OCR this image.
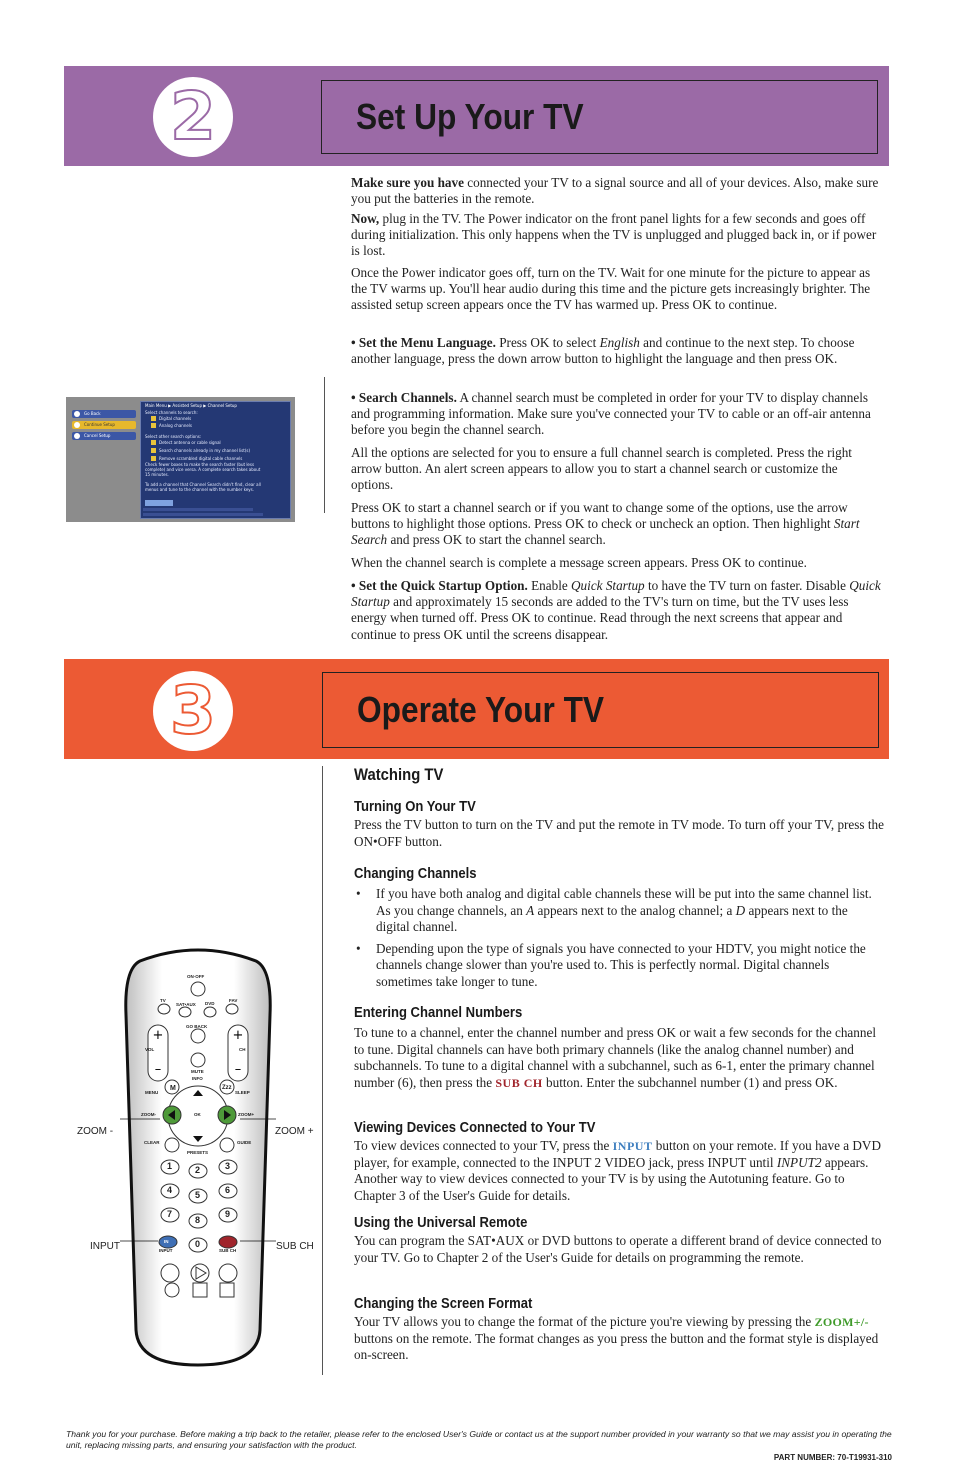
2	Set Up Your TV

Make sure you have connected your TV to a signal source and all of your devices. Also, make sure you put the batteries in the remote.

Now, plug in the TV. The Power indicator on the front panel lights for a few seconds and goes off during initialization. This only happens when the TV is unplugged and plugged back in, or if power is lost.

Once the Power indicator goes off, turn on the TV. Wait for one minute for the picture to appear as the TV warms up. You'll hear audio during this time and the picture gets increasingly brighter. The assisted setup screen appears once the TV has warmed up. Press OK to continue.

• Set the Menu Language. Press OK to select English and continue to the next step. To choose another language, press the down arrow button to highlight the language and then press OK.

• Search Channels. A channel search must be completed in order for your TV to display channels and programming information. Make sure you've connected your TV to cable or an off-air antenna before you begin the channel search.

All the options are selected for you to ensure a full channel search is completed. Press the right arrow button. An alert screen appears to allow you to start a channel search or customize the options.

Press OK to start a channel search or if you want to change some of the options, use the arrow buttons to highlight those options. Press OK to check or uncheck an option. Then highlight Start Search and press OK to start the channel search.

When the channel search is complete a message screen appears. Press OK to continue.

• Set the Quick Startup Option. Enable Quick Startup to have the TV turn on faster. Disable Quick Startup and approximately 15 seconds are added to the TV's turn on time, but the TV uses less energy when turned off. Press OK to continue. Read through the next screens that appear and continue to press OK until the screens disappear.

Go Back
Continue Setup
Cancel Setup
Main Menu ▶ Assisted Setup ▶ Channel Setup
Select channels to search:
Digital channels
Analog channels
Select other search options:
Detect antenna or cable signal
Search channels already in my channel list(s)
Remove scrambled digital cable channels
Check fewer boxes to make the search faster (but less
complete) and vice versa. A complete search takes about
15 minutes.
To add a channel that Channel Search didn't find, clear all
menus and tune to the channel with the number keys.
3	Operate Your TV
Watching TV
Turning On Your TV

Press the TV button to turn on the TV and put the remote in TV mode. To turn off your TV, press the ON•OFF button.

Changing Channels
• If you have both analog and digital cable channels these will be put into the same channel list. As you change channels, an A appears next to the analog channel; a D appears next to the digital channel.
• Depending upon the type of signals you have connected to your HDTV, you might notice the channels change slower than you're used to. This is perfectly normal. Digital channels sometimes take longer to tune.
Entering Channel Numbers

To tune to a channel, enter the channel number and press OK or wait a few seconds for the channel to tune. Digital channels can have both primary channels (like the analog channel number) and subchannels. To tune to a digital channel with a subchannel, such as 6-1, enter the primary channel number (6), then press the SUB CH button. Enter the subchannel number (1) and press OK.

Viewing Devices Connected to Your TV

To view devices connected to your TV, press the INPUT button on your remote. If you have a DVD player, for example, connected to the INPUT 2 VIDEO jack, press INPUT until INPUT2 appears. Another way to view devices connected to your TV is by using the Autotuning feature. Go to Chapter 3 of the User's Guide for details.

Using the Universal Remote

You can program the SAT•AUX or DVD buttons to operate a different brand of device connected to your TV. Go to Chapter 2 of the User's Guide for details on programming the remote.

Changing the Screen Format

Your TV allows you to change the format of the picture you're viewing by pressing the ZOOM+/- buttons on the remote. The format changes as you press the button and the format style is displayed on-screen.

+
–
+
–
ON·OFF
TV
SAT•AUX DVD
FAV
GO BACK
VOL	CH
MUTE
INFO
M	Zzz
MENU	SLEEP
ZOOM-	OK	ZOOM+
CLEAR	GUIDE
PRESETS
1	2	3
4	5	6
7
8
9
0
IN
INPUT	SUB CH
ZOOM -	ZOOM +
INPUT	SUB CH
Thank you for your purchase. Before making a trip back to the retailer, please refer to the enclosed User's Guide or contact us at the support number provided in your warranty so that we may assist you in operating the unit, replacing missing parts, and ensuring your satisfaction with the product.
PART NUMBER: 70-T19931-310
